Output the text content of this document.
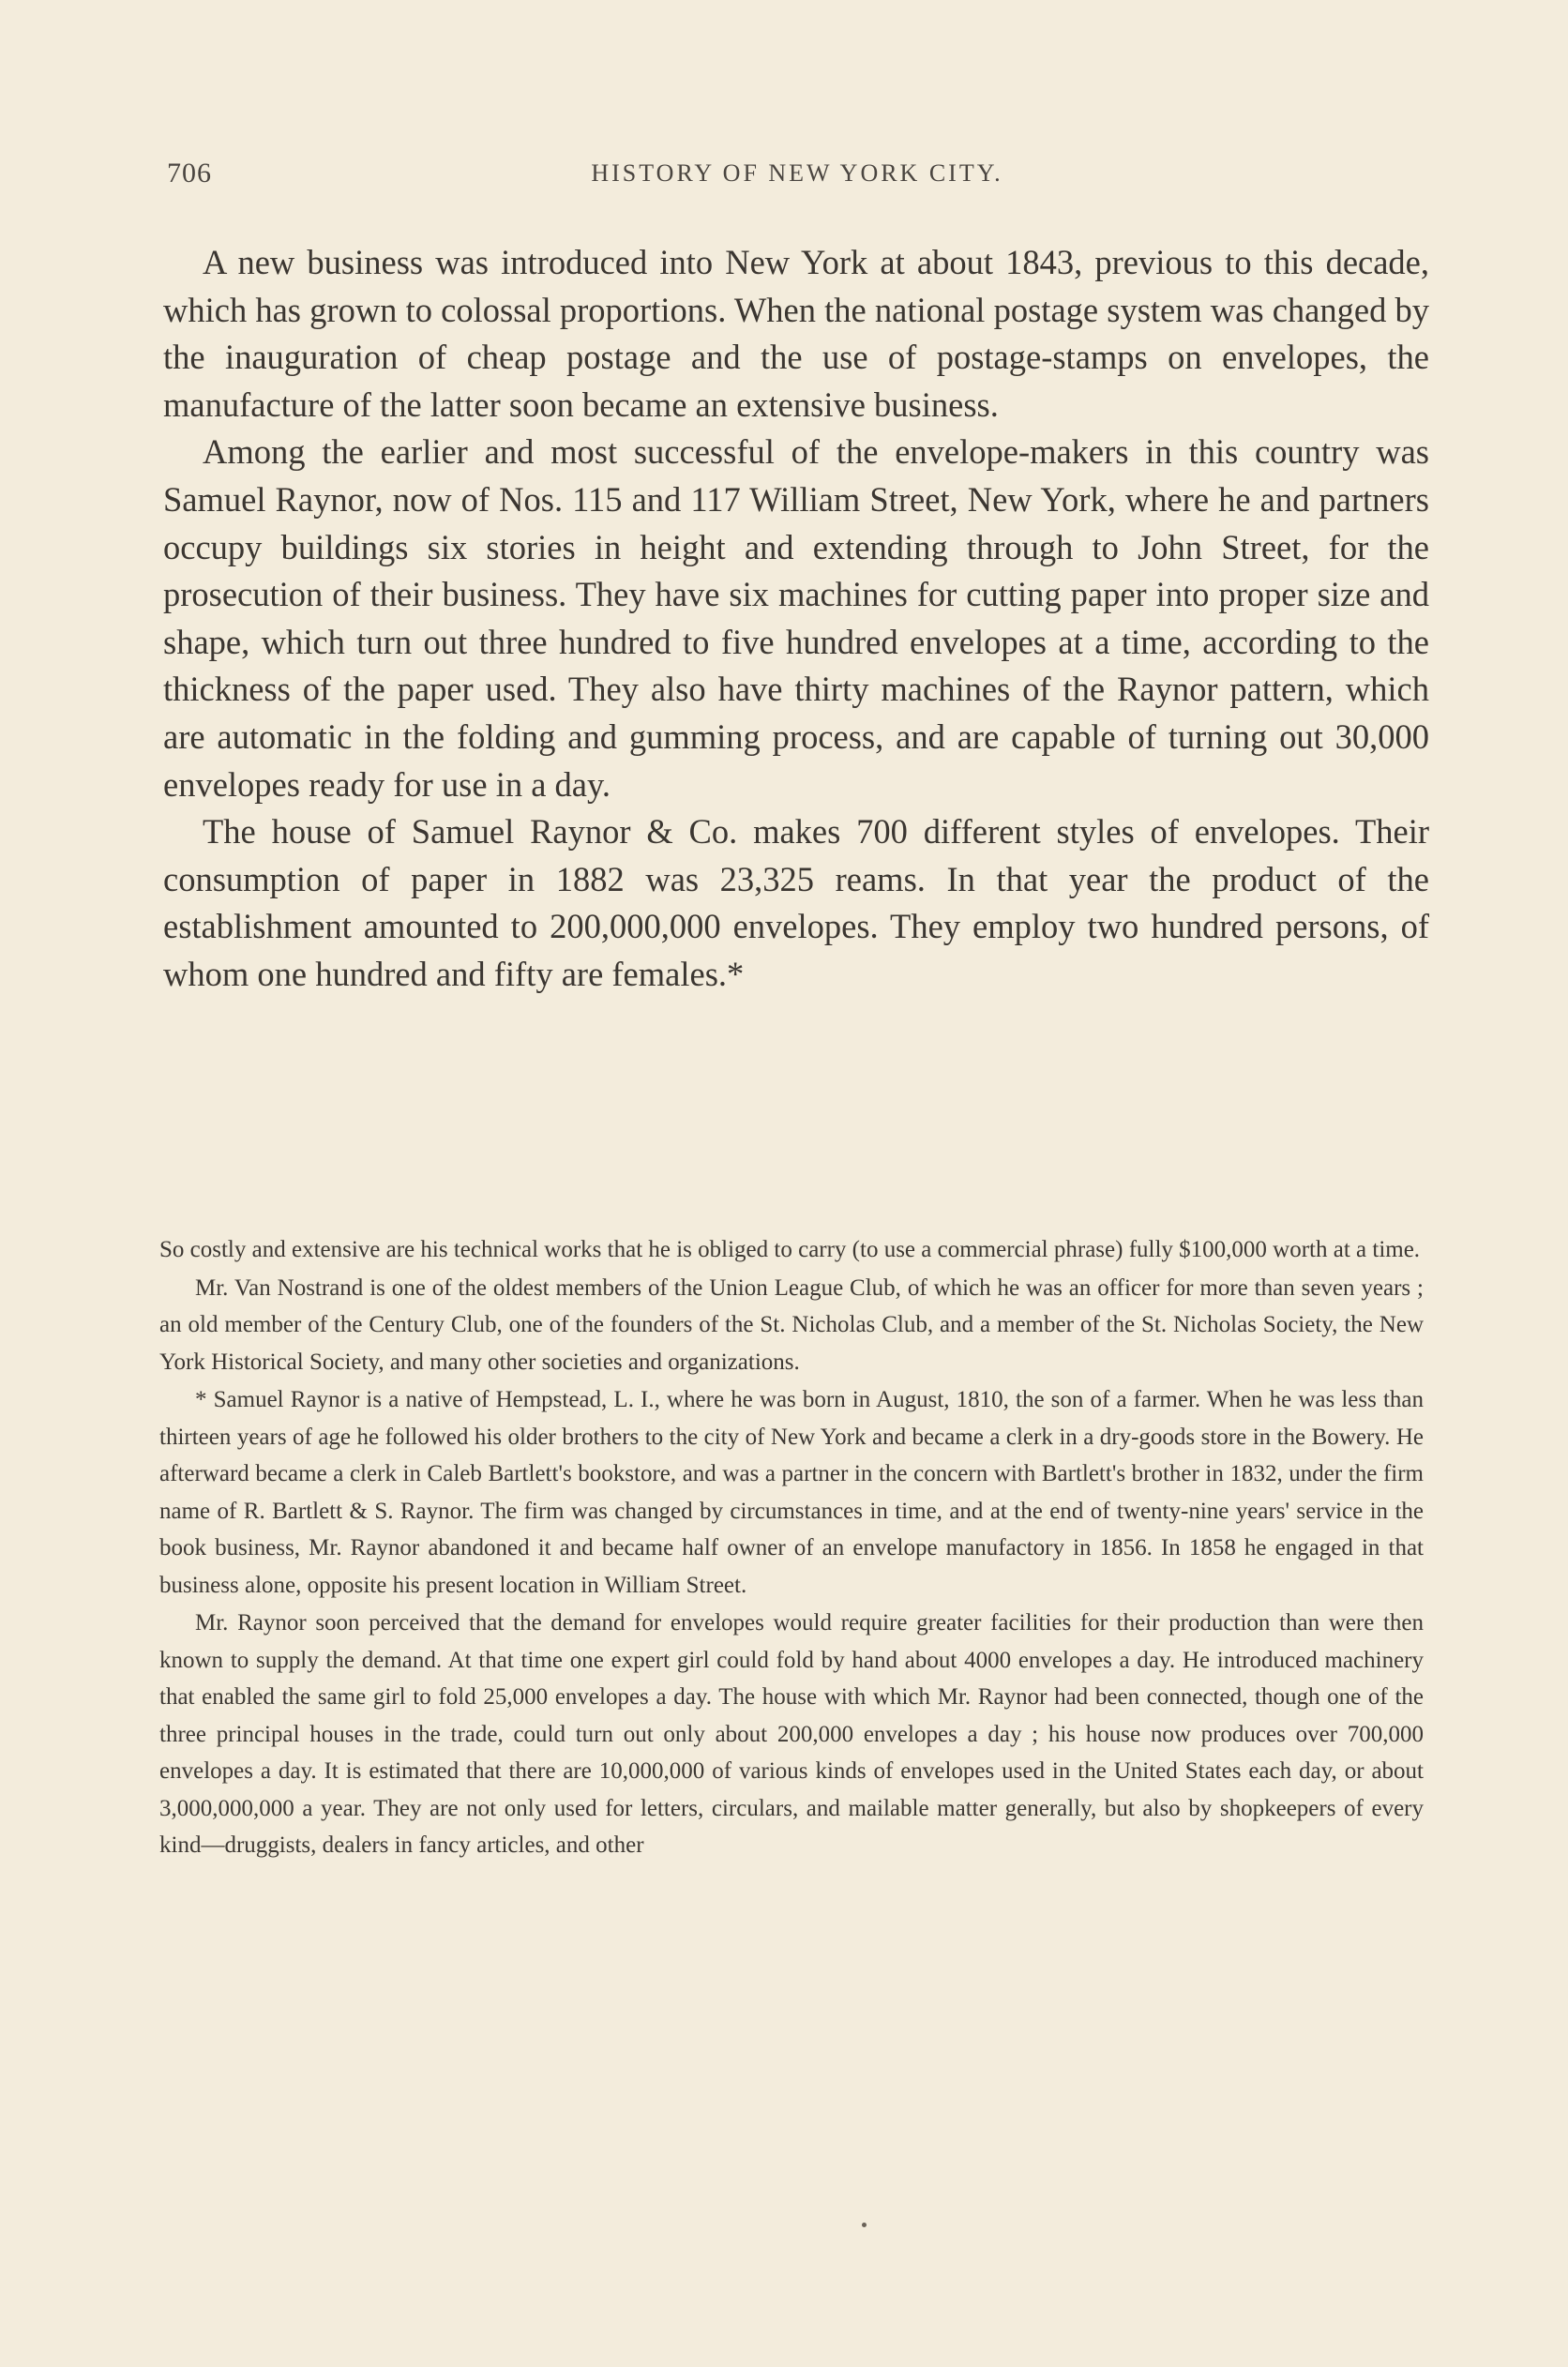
706	HISTORY OF NEW YORK CITY.

A new business was introduced into New York at about 1843, previous to this decade, which has grown to colossal proportions. When the national postage system was changed by the inauguration of cheap postage and the use of postage-stamps on envelopes, the manufacture of the latter soon became an extensive business.

Among the earlier and most successful of the envelope-makers in this country was Samuel Raynor, now of Nos. 115 and 117 William Street, New York, where he and partners occupy buildings six stories in height and extending through to John Street, for the prosecution of their business. They have six machines for cutting paper into proper size and shape, which turn out three hundred to five hundred envelopes at a time, according to the thickness of the paper used. They also have thirty machines of the Raynor pattern, which are automatic in the folding and gumming process, and are capable of turning out 30,000 envelopes ready for use in a day.

The house of Samuel Raynor & Co. makes 700 different styles of envelopes. Their consumption of paper in 1882 was 23,325 reams. In that year the product of the establishment amounted to 200,000,000 envelopes. They employ two hundred persons, of whom one hundred and fifty are females.*

So costly and extensive are his technical works that he is obliged to carry (to use a commercial phrase) fully $100,000 worth at a time.

Mr. Van Nostrand is one of the oldest members of the Union League Club, of which he was an officer for more than seven years ; an old member of the Century Club, one of the founders of the St. Nicholas Club, and a member of the St. Nicholas Society, the New York Historical Society, and many other societies and organizations.

* Samuel Raynor is a native of Hempstead, L. I., where he was born in August, 1810, the son of a farmer. When he was less than thirteen years of age he followed his older brothers to the city of New York and became a clerk in a dry-goods store in the Bowery. He afterward became a clerk in Caleb Bartlett's bookstore, and was a partner in the concern with Bartlett's brother in 1832, under the firm name of R. Bartlett & S. Raynor. The firm was changed by circumstances in time, and at the end of twenty-nine years' service in the book business, Mr. Raynor abandoned it and became half owner of an envelope manufactory in 1856. In 1858 he engaged in that business alone, opposite his present location in William Street.

Mr. Raynor soon perceived that the demand for envelopes would require greater facilities for their production than were then known to supply the demand. At that time one expert girl could fold by hand about 4000 envelopes a day. He introduced machinery that enabled the same girl to fold 25,000 envelopes a day. The house with which Mr. Raynor had been connected, though one of the three principal houses in the trade, could turn out only about 200,000 envelopes a day ; his house now produces over 700,000 envelopes a day. It is estimated that there are 10,000,000 of various kinds of envelopes used in the United States each day, or about 3,000,000,000 a year. They are not only used for letters, circulars, and mailable matter generally, but also by shopkeepers of every kind—druggists, dealers in fancy articles, and other
